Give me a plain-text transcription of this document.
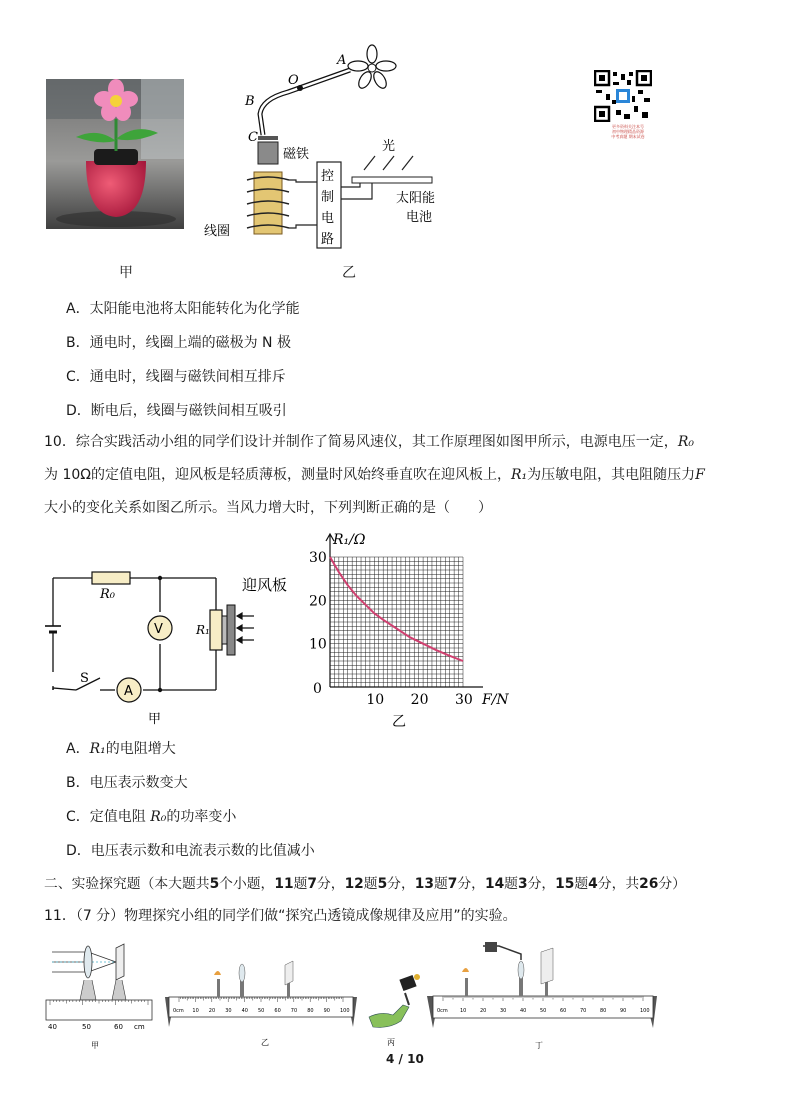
甲
A
O
B
C
磁铁
线圈
控
制
电
路
光
太阳能
电池
乙
更多资料关注本号
初中物理精品资源
中考真题 期末试卷
A．太阳能电池将太阳能转化为化学能
B．通电时，线圈上端的磁极为 N 极
C．通电时，线圈与磁铁间相互排斥
D．断电后，线圈与磁铁间相互吸引
10．综合实践活动小组的同学们设计并制作了简易风速仪，其工作原理图如图甲所示，电源电压一定，R₀
为 10Ω的定值电阻，迎风板是轻质薄板，测量时风始终垂直吹在迎风板上，R₁为压敏电阻，其电阻随压力F
大小的变化关系如图乙所示。当风力增大时，下列判断正确的是（　　）
R₀
V
A
S
R₁
迎风板
甲
10 20 30
10
20
30
R₁/Ω
F/N
0
乙
A．R₁的电阻增大
B．电压表示数变大
C．定值电阻 R₀的功率变小
D．电压表示数和电流表示数的比值减小
二、实验探究题（本大题共5个小题，11题7分，12题5分，13题7分，14题3分，15题4分，共26分）
11．（7 分）物理探究小组的同学们做“探究凸透镜成像规律及应用”的实验。
40	50	60 cm
甲
0cm
乙
10 20 30 40 50 60 70 80 90 100
丙
0cm
丁
10	20	30	40	50	60	70	80	90	100
4 / 10
